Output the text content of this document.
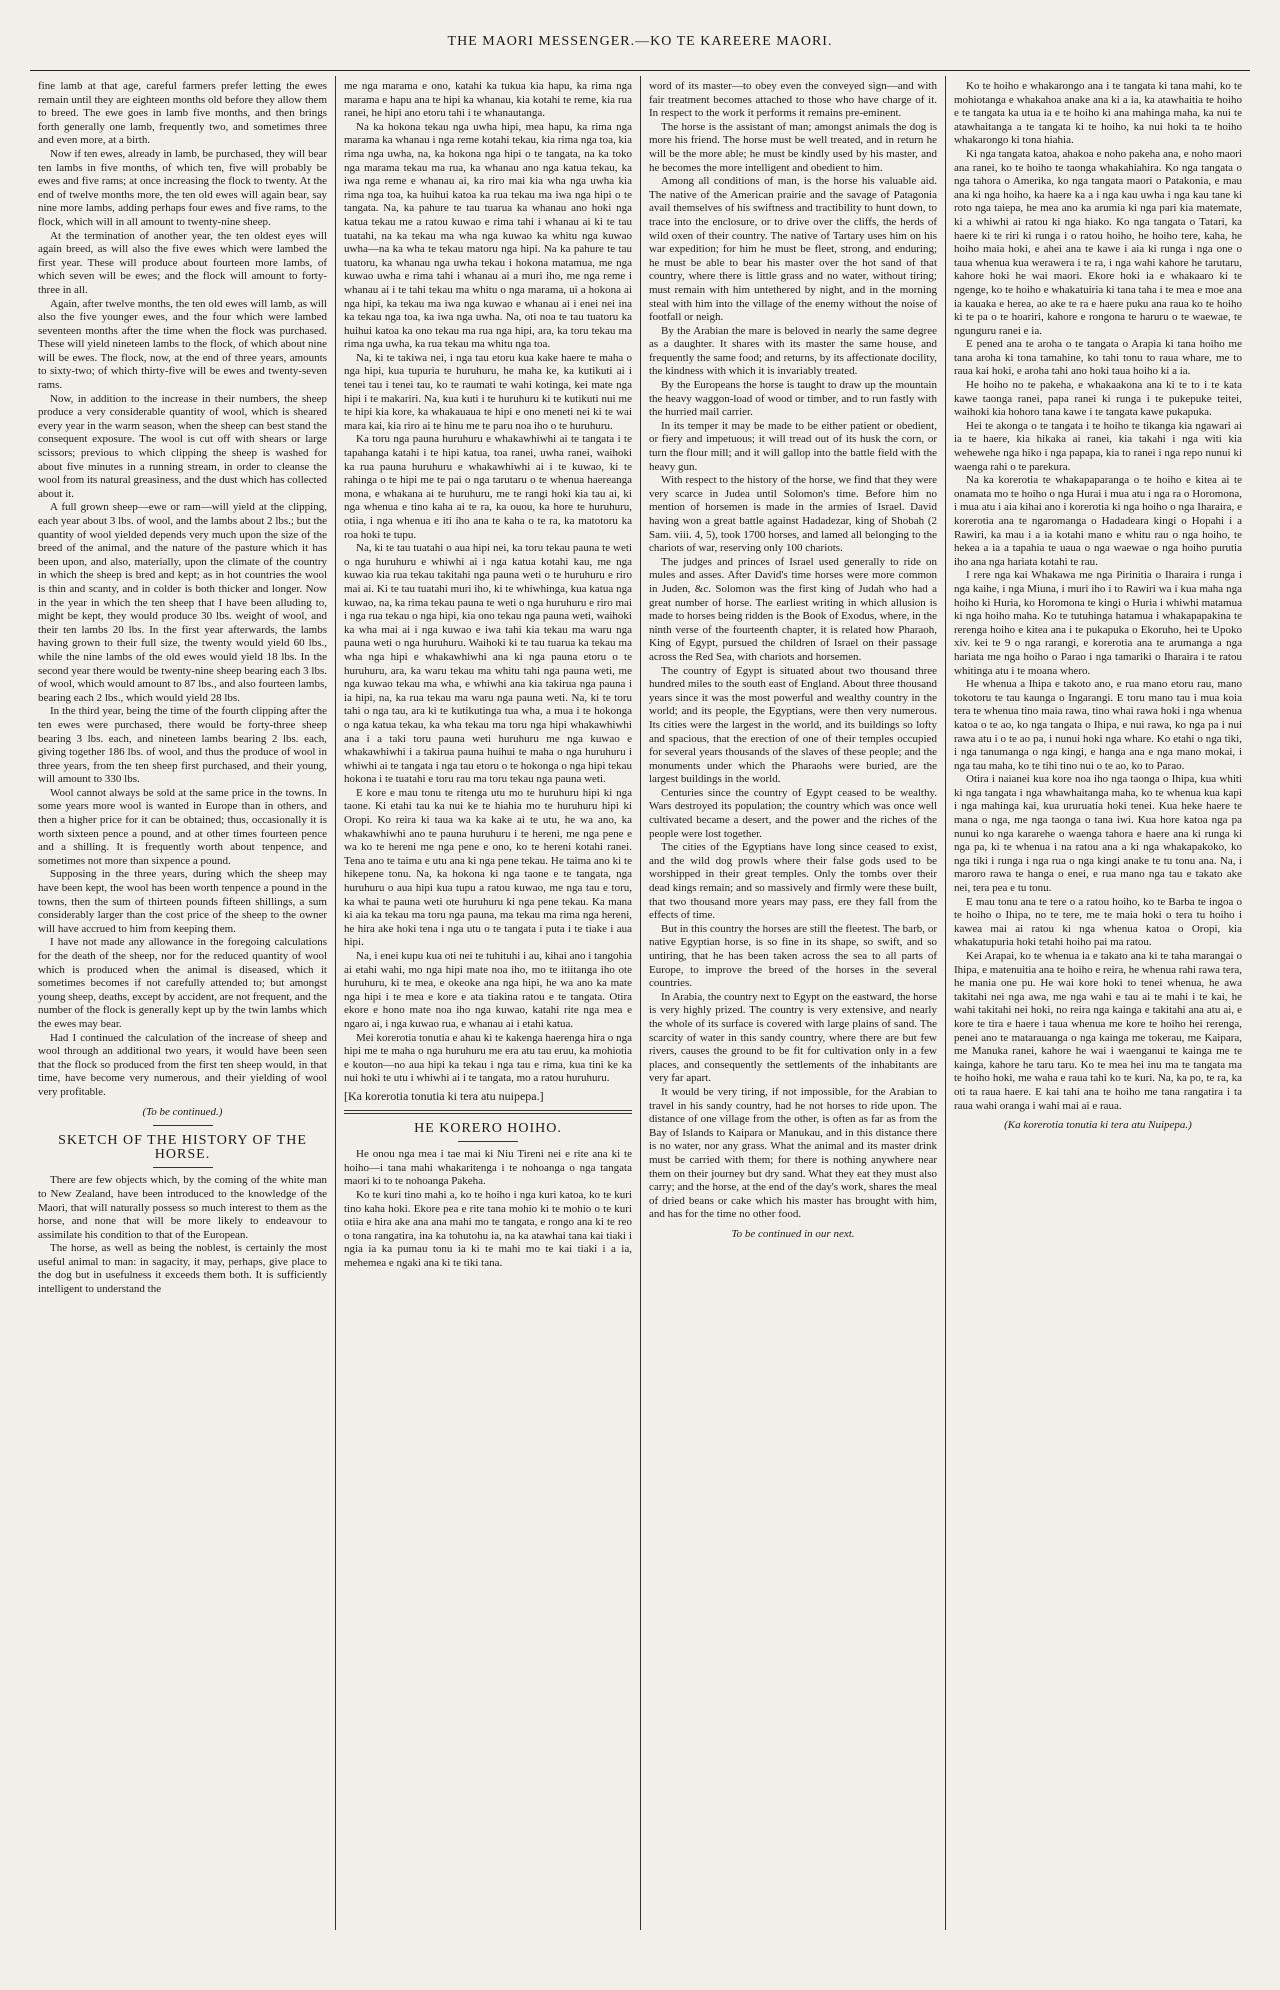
THE MAORI MESSENGER.—KO TE KAREERE MAORI.

fine lamb at that age, careful farmers prefer letting the ewes remain until they are eighteen months old before they allow them to breed. The ewe goes in lamb five months, and then brings forth generally one lamb, frequently two, and sometimes three and even more, at a birth.

Now if ten ewes, already in lamb, be purchased, they will bear ten lambs in five months, of which ten, five will probably be ewes and five rams; at once increasing the flock to twenty. At the end of twelve months more, the ten old ewes will again bear, say nine more lambs, adding perhaps four ewes and five rams, to the flock, which will in all amount to twenty-nine sheep.

At the termination of another year, the ten oldest eyes will again breed, as will also the five ewes which were lambed the first year. These will produce about fourteen more lambs, of which seven will be ewes; and the flock will amount to forty-three in all.

Again, after twelve months, the ten old ewes will lamb, as will also the five younger ewes, and the four which were lambed seventeen months after the time when the flock was purchased. These will yield nineteen lambs to the flock, of which about nine will be ewes. The flock, now, at the end of three years, amounts to sixty-two; of which thirty-five will be ewes and twenty-seven rams.

Now, in addition to the increase in their numbers, the sheep produce a very considerable quantity of wool, which is sheared every year in the warm season, when the sheep can best stand the consequent exposure. The wool is cut off with shears or large scissors; previous to which clipping the sheep is washed for about five minutes in a running stream, in order to cleanse the wool from its natural greasiness, and the dust which has collected about it.

A full grown sheep—ewe or ram—will yield at the clipping, each year about 3 lbs. of wool, and the lambs about 2 lbs.; but the quantity of wool yielded depends very much upon the size of the breed of the animal, and the nature of the pasture which it has been upon, and also, materially, upon the climate of the country in which the sheep is bred and kept; as in hot countries the wool is thin and scanty, and in colder is both thicker and longer. Now in the year in which the ten sheep that I have been alluding to, might be kept, they would produce 30 lbs. weight of wool, and their ten lambs 20 lbs. In the first year afterwards, the lambs having grown to their full size, the twenty would yield 60 lbs., while the nine lambs of the old ewes would yield 18 lbs. In the second year there would be twenty-nine sheep bearing each 3 lbs. of wool, which would amount to 87 lbs., and also fourteen lambs, bearing each 2 lbs., which would yield 28 lbs.

In the third year, being the time of the fourth clipping after the ten ewes were purchased, there would be forty-three sheep bearing 3 lbs. each, and nineteen lambs bearing 2 lbs. each, giving together 186 lbs. of wool, and thus the produce of wool in three years, from the ten sheep first purchased, and their young, will amount to 330 lbs.

Wool cannot always be sold at the same price in the towns. In some years more wool is wanted in Europe than in others, and then a higher price for it can be obtained; thus, occasionally it is worth sixteen pence a pound, and at other times fourteen pence and a shilling. It is frequently worth about tenpence, and sometimes not more than sixpence a pound.

Supposing in the three years, during which the sheep may have been kept, the wool has been worth tenpence a pound in the towns, then the sum of thirteen pounds fifteen shillings, a sum considerably larger than the cost price of the sheep to the owner will have accrued to him from keeping them.

I have not made any allowance in the foregoing calculations for the death of the sheep, nor for the reduced quantity of wool which is produced when the animal is diseased, which it sometimes becomes if not carefully attended to; but amongst young sheep, deaths, except by accident, are not frequent, and the number of the flock is generally kept up by the twin lambs which the ewes may bear.

Had I continued the calculation of the increase of sheep and wool through an additional two years, it would have been seen that the flock so produced from the first ten sheep would, in that time, have become very numerous, and their yielding of wool very profitable.

(To be continued.)
SKETCH OF THE HISTORY OF THE HORSE.

There are few objects which, by the coming of the white man to New Zealand, have been introduced to the knowledge of the Maori, that will naturally possess so much interest to them as the horse, and none that will be more likely to endeavour to assimilate his condition to that of the European.

The horse, as well as being the noblest, is certainly the most useful animal to man: in sagacity, it may, perhaps, give place to the dog but in usefulness it exceeds them both. It is sufficiently intelligent to understand the

me nga marama e ono, katahi ka tukua kia hapu, ka rima nga marama e hapu ana te hipi ka whanau, kia kotahi te reme, kia rua ranei, he hipi ano etoru tahi i te whanautanga.

Na ka hokona tekau nga uwha hipi, mea hapu, ka rima nga marama ka whanau i nga reme kotahi tekau, kia rima nga toa, kia rima nga uwha, na, ka hokona nga hipi o te tangata, na ka toko nga marama tekau ma rua, ka whanau ano nga katua tekau, ka iwa nga reme e whanau ai, ka riro mai kia wha nga uwha kia rima nga toa, ka huihui katoa ka rua tekau ma iwa nga hipi o te tangata. Na, ka pahure te tau tuarua ka whanau ano hoki nga katua tekau me a ratou kuwao e rima tahi i whanau ai ki te tau tuatahi, na ka tekau ma wha nga kuwao ka whitu nga kuwao uwha—na ka wha te tekau matoru nga hipi. Na ka pahure te tau tuatoru, ka whanau nga uwha tekau i hokona matamua, me nga kuwao uwha e rima tahi i whanau ai a muri iho, me nga reme i whanau ai i te tahi tekau ma whitu o nga marama, ui a hokona ai nga hipi, ka tekau ma iwa nga kuwao e whanau ai i enei nei ina ka tekau nga toa, ka iwa nga uwha. Na, oti noa te tau tuatoru ka huihui katoa ka ono tekau ma rua nga hipi, ara, ka toru tekau ma rima nga uwha, ka rua tekau ma whitu nga toa.

Na, ki te takiwa nei, i nga tau etoru kua kake haere te maha o nga hipi, kua tupuria te huruhuru, he maha ke, ka kutikuti ai i tenei tau i tenei tau, ko te raumati te wahi kotinga, kei mate nga hipi i te makariri. Na, kua kuti i te huruhuru ki te kutikuti nui me te hipi kia kore, ka whakauaua te hipi e ono meneti nei ki te wai mara kai, kia riro ai te hinu me te paru noa iho o te huruhuru.

Ka toru nga pauna huruhuru e whakawhiwhi ai te tangata i te tapahanga katahi i te hipi katua, toa ranei, uwha ranei, waihoki ka rua pauna huruhuru e whakawhiwhi ai i te kuwao, ki te rahinga o te hipi me te pai o nga tarutaru o te whenua haereanga mona, e whakana ai te huruhuru, me te rangi hoki kia tau ai, ki nga whenua e tino kaha ai te ra, ka ouou, ka hore te huruhuru, otiia, i nga whenua e iti iho ana te kaha o te ra, ka matotoru ka roa hoki te tupu.

Na, ki te tau tuatahi o aua hipi nei, ka toru tekau pauna te weti o nga huruhuru e whiwhi ai i nga katua kotahi kau, me nga kuwao kia rua tekau takitahi nga pauna weti o te huruhuru e riro mai ai. Ki te tau tuatahi muri iho, ki te whiwhinga, kua katua nga kuwao, na, ka rima tekau pauna te weti o nga huruhuru e riro mai i nga rua tekau o nga hipi, kia ono tekau nga pauna weti, waihoki ka wha mai ai i nga kuwao e iwa tahi kia tekau ma waru nga pauna weti o nga huruhuru. Waihoki ki te tau tuarua ka tekau ma wha nga hipi e whakawhiwhi ana ki nga pauna etoru o te huruhuru, ara, ka waru tekau ma whitu tahi nga pauna weti, me nga kuwao tekau ma wha, e whiwhi ana kia takirua nga pauna i ia hipi, na, ka rua tekau ma waru nga pauna weti. Na, ki te toru tahi o nga tau, ara ki te kutikutinga tua wha, a mua i te hokonga o nga katua tekau, ka wha tekau ma toru nga hipi whakawhiwhi ana i a taki toru pauna weti huruhuru me nga kuwao e whakawhiwhi i a takirua pauna huihui te maha o nga huruhuru i whiwhi ai te tangata i nga tau etoru o te hokonga o nga hipi tekau hokona i te tuatahi e toru rau ma toru tekau nga pauna weti.

E kore e mau tonu te ritenga utu mo te huruhuru hipi ki nga taone. Ki etahi tau ka nui ke te hiahia mo te huruhuru hipi ki Oropi. Ko reira ki taua wa ka kake ai te utu, he wa ano, ka whakawhiwhi ano te pauna huruhuru i te hereni, me nga pene e wa ko te hereni me nga pene e ono, ko te hereni kotahi ranei. Tena ano te taima e utu ana ki nga pene tekau. He taima ano ki te hikepene tonu. Na, ka hokona ki nga taone e te tangata, nga huruhuru o aua hipi kua tupu a ratou kuwao, me nga tau e toru, ka whai te pauna weti ote huruhuru ki nga pene tekau. Ka mana ki aia ka tekau ma toru nga pauna, ma tekau ma rima nga hereni, he hira ake hoki tena i nga utu o te tangata i puta i te tiake i aua hipi.

Na, i enei kupu kua oti nei te tuhituhi i au, kihai ano i tangohia ai etahi wahi, mo nga hipi mate noa iho, mo te itiitanga iho ote huruhuru, ki te mea, e okeoke ana nga hipi, he wa ano ka mate nga hipi i te mea e kore e ata tiakina ratou e te tangata. Otira ekore e hono mate noa iho nga kuwao, katahi rite nga mea e ngaro ai, i nga kuwao rua, e whanau ai i etahi katua.

Mei korerotia tonutia e ahau ki te kakenga haerenga hira o nga hipi me te maha o nga huruhuru me era atu tau eruu, ka mohiotia e kouton—no aua hipi ka tekau i nga tau e rima, kua tini ke ka nui hoki te utu i whiwhi ai i te tangata, mo a ratou huruhuru.

[Ka korerotia tonutia ki tera atu nuipepa.]
HE KORERO HOIHO.

He onou nga mea i tae mai ki Niu Tireni nei e rite ana ki te hoiho—i tana mahi whakaritenga i te nohoanga o nga tangata maori ki to te nohoanga Pakeha.

Ko te kuri tino mahi a, ko te hoiho i nga kuri katoa, ko te kuri tino kaha hoki. Ekore pea e rite tana mohio ki te mohio o te kuri otiia e hira ake ana ana mahi mo te tangata, e rongo ana ki te reo o tona rangatira, ina ka tohutohu ia, na ka atawhai tana kai tiaki i ngia ia ka pumau tonu ia ki te mahi mo te kai tiaki i a ia, mehemea e ngaki ana ki te tiki tana.

word of its master—to obey even the conveyed sign—and with fair treatment becomes attached to those who have charge of it. In respect to the work it performs it remains pre-eminent.

The horse is the assistant of man; amongst animals the dog is more his friend. The horse must be well treated, and in return he will be the more able; he must be kindly used by his master, and he becomes the more intelligent and obedient to him.

Among all conditions of man, is the horse his valuable aid. The native of the American prairie and the savage of Patagonia avail themselves of his swiftness and tractibility to hunt down, to trace into the enclosure, or to drive over the cliffs, the herds of wild oxen of their country. The native of Tartary uses him on his war expedition; for him he must be fleet, strong, and enduring; he must be able to bear his master over the hot sand of that country, where there is little grass and no water, without tiring; must remain with him untethered by night, and in the morning steal with him into the village of the enemy without the noise of footfall or neigh.

By the Arabian the mare is beloved in nearly the same degree as a daughter. It shares with its master the same house, and frequently the same food; and returns, by its affectionate docility, the kindness with which it is invariably treated.

By the Europeans the horse is taught to draw up the mountain the heavy waggon-load of wood or timber, and to run fastly with the hurried mail carrier.

In its temper it may be made to be either patient or obedient, or fiery and impetuous; it will tread out of its husk the corn, or turn the flour mill; and it will gallop into the battle field with the heavy gun.

With respect to the history of the horse, we find that they were very scarce in Judea until Solomon's time. Before him no mention of horsemen is made in the armies of Israel. David having won a great battle against Hadadezar, king of Shobah (2 Sam. viii. 4, 5), took 1700 horses, and lamed all belonging to the chariots of war, reserving only 100 chariots.

The judges and princes of Israel used generally to ride on mules and asses. After David's time horses were more common in Juden, &c. Solomon was the first king of Judah who had a great number of horse. The earliest writing in which allusion is made to horses being ridden is the Book of Exodus, where, in the ninth verse of the fourteenth chapter, it is related how Pharaoh, King of Egypt, pursued the children of Israel on their passage across the Red Sea, with chariots and horsemen.

The country of Egypt is situated about two thousand three hundred miles to the south east of England. About three thousand years since it was the most powerful and wealthy country in the world; and its people, the Egyptians, were then very numerous. Its cities were the largest in the world, and its buildings so lofty and spacious, that the erection of one of their temples occupied for several years thousands of the slaves of these people; and the monuments under which the Pharaohs were buried, are the largest buildings in the world.

Centuries since the country of Egypt ceased to be wealthy. Wars destroyed its population; the country which was once well cultivated became a desert, and the power and the riches of the people were lost together.

The cities of the Egyptians have long since ceased to exist, and the wild dog prowls where their false gods used to be worshipped in their great temples. Only the tombs over their dead kings remain; and so massively and firmly were these built, that two thousand more years may pass, ere they fall from the effects of time.

But in this country the horses are still the fleetest. The barb, or native Egyptian horse, is so fine in its shape, so swift, and so untiring, that he has been taken across the sea to all parts of Europe, to improve the breed of the horses in the several countries.

In Arabia, the country next to Egypt on the eastward, the horse is very highly prized. The country is very extensive, and nearly the whole of its surface is covered with large plains of sand. The scarcity of water in this sandy country, where there are but few rivers, causes the ground to be fit for cultivation only in a few places, and consequently the settlements of the inhabitants are very far apart.

It would be very tiring, if not impossible, for the Arabian to travel in his sandy country, had he not horses to ride upon. The distance of one village from the other, is often as far as from the Bay of Islands to Kaipara or Manukau, and in this distance there is no water, nor any grass. What the animal and its master drink must be carried with them; for there is nothing anywhere near them on their journey but dry sand. What they eat they must also carry; and the horse, at the end of the day's work, shares the meal of dried beans or cake which his master has brought with him, and has for the time no other food.

To be continued in our next.

Ko te hoiho e whakarongo ana i te tangata ki tana mahi, ko te mohiotanga e whakahoa anake ana ki a ia, ka atawhaitia te hoiho e te tangata ka utua ia e te hoiho ki ana mahinga maha, ka nui te atawhaitanga a te tangata ki te hoiho, ka nui hoki ta te hoiho whakarongo ki tona hiahia.

Ki nga tangata katoa, ahakoa e noho pakeha ana, e noho maori ana ranei, ko te hoiho te taonga whakahiahira. Ko nga tangata o nga tahora o Amerika, ko nga tangata maori o Patakonia, e mau ana ki nga hoiho, ka haere ka a i nga kau uwha i nga kau tane ki roto nga taiepa, he mea ano ka arumia ki nga pari kia matemate, ki a whiwhi ai ratou ki nga hiako. Ko nga tangata o Tatari, ka haere ki te riri ki runga i o ratou hoiho, he hoiho tere, kaha, he hoiho maia hoki, e ahei ana te kawe i aia ki runga i nga one o taua whenua kua werawera i te ra, i nga wahi kahore he tarutaru, kahore hoki he wai maori. Ekore hoki ia e whakaaro ki te ngenge, ko te hoiho e whakatuiria ki tana taha i te mea e moe ana ia kauaka e herea, ao ake te ra e haere puku ana raua ko te hoiho ki te pa o te hoariri, kahore e rongona te haruru o te waewae, te ngunguru ranei e ia.

E pened ana te aroha o te tangata o Arapia ki tana hoiho me tana aroha ki tona tamahine, ko tahi tonu to raua whare, me to raua kai hoki, e aroha tahi ano hoki taua hoiho ki a ia.

He hoiho no te pakeha, e whakaakona ana ki te to i te kata kawe taonga ranei, papa ranei ki runga i te pukepuke teitei, waihoki kia hohoro tana kawe i te tangata kawe pukapuka.

Hei te akonga o te tangata i te hoiho te tikanga kia ngawari ai ia te haere, kia hikaka ai ranei, kia takahi i nga witi kia wehewehe nga hiko i nga papapa, kia to ranei i nga repo nunui ki waenga rahi o te parekura.

Na ka korerotia te whakapaparanga o te hoiho e kitea ai te onamata mo te hoiho o nga Hurai i mua atu i nga ra o Horomona, i mua atu i aia kihai ano i korerotia ki nga hoiho o nga Iharaira, e korerotia ana te ngaromanga o Hadadeara kingi o Hopahi i a Rawiri, ka mau i a ia kotahi mano e whitu rau o nga hoiho, te hekea a ia a tapahia te uaua o nga waewae o nga hoiho purutia iho ana nga hariata kotahi te rau.

I rere nga kai Whakawa me nga Pirinitia o Iharaira i runga i nga kaihe, i nga Miuna, i muri iho i to Rawiri wa i kua maha nga hoiho ki Huria, ko Horomona te kingi o Huria i whiwhi matamua ki nga hoiho maha. Ko te tutuhinga hatamua i whakapapakina te rerenga hoiho e kitea ana i te pukapuka o Ekoruho, hei te Upoko xiv. kei te 9 o nga rarangi, e korerotia ana te arumanga a nga hariata me nga hoiho o Parao i nga tamariki o Iharaira i te ratou whitinga atu i te moana whero.

He whenua a Ihipa e takoto ano, e rua mano etoru rau, mano tokotoru te tau kaunga o Ingarangi. E toru mano tau i mua koia tera te whenua tino maia rawa, tino whai rawa hoki i nga whenua katoa o te ao, ko nga tangata o Ihipa, e nui rawa, ko nga pa i nui rawa atu i o te ao pa, i nunui hoki nga whare. Ko etahi o nga tiki, i nga tanumanga o nga kingi, e hanga ana e nga mano mokai, i nga tau maha, ko te tihi tino nui o te ao, ko to Parao.

Otira i naianei kua kore noa iho nga taonga o Ihipa, kua whiti ki nga tangata i nga whawhaitanga maha, ko te whenua kua kapi i nga mahinga kai, kua ururuatia hoki tenei. Kua heke haere te mana o nga, me nga taonga o tana iwi. Kua hore katoa nga pa nunui ko nga kararehe o waenga tahora e haere ana ki runga ki nga pa, ki te whenua i na ratou ana a ki nga whakapakoko, ko nga tiki i runga i nga rua o nga kingi anake te tu tonu ana. Na, i maroro rawa te hanga o enei, e rua mano nga tau e takato ake nei, tera pea e tu tonu.

E mau tonu ana te tere o a ratou hoiho, ko te Barba te ingoa o te hoiho o Ihipa, no te tere, me te maia hoki o tera tu hoiho i kawea mai ai ratou ki nga whenua katoa o Oropi, kia whakatupuria hoki tetahi hoiho pai ma ratou.

Kei Arapai, ko te whenua ia e takato ana ki te taha marangai o Ihipa, e matenuitia ana te hoiho e reira, he whenua rahi rawa tera, he mania one pu. He wai kore hoki to tenei whenua, he awa takitahi nei nga awa, me nga wahi e tau ai te mahi i te kai, he wahi takitahi nei hoki, no reira nga kainga e takitahi ana atu ai, e kore te tira e haere i taua whenua me kore te hoiho hei rerenga, penei ano te matarauanga o nga kainga me tokerau, me Kaipara, me Manuka ranei, kahore he wai i waenganui te kainga me te kainga, kahore he taru taru. Ko te mea hei inu ma te tangata ma te hoiho hoki, me waha e raua tahi ko te kuri. Na, ka po, te ra, ka oti ta raua haere. E kai tahi ana te hoiho me tana rangatira i ta raua wahi oranga i wahi mai ai e raua.

(Ka korerotia tonutia ki tera atu Nuipepa.)
